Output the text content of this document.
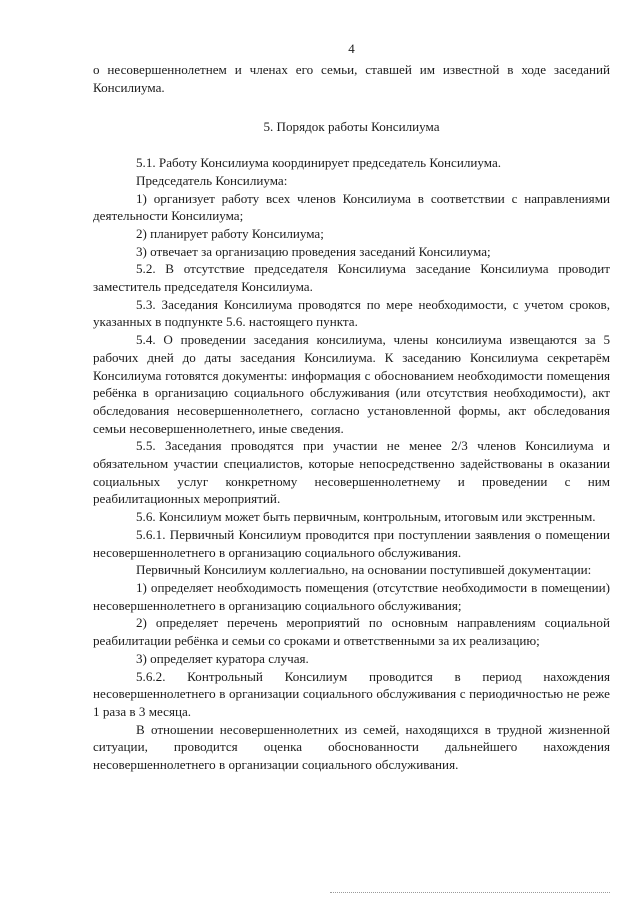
4

о несовершеннолетнем и членах его семьи, ставшей им известной в ходе заседаний Консилиума.

5. Порядок работы Консилиума

5.1. Работу Консилиума координирует председатель Консилиума.

Председатель Консилиума:

1) организует работу всех членов Консилиума в соответствии с направлениями деятельности Консилиума;

2) планирует работу Консилиума;

3) отвечает за организацию проведения заседаний Консилиума;

5.2. В отсутствие председателя Консилиума заседание Консилиума проводит заместитель председателя Консилиума.

5.3. Заседания Консилиума проводятся по мере необходимости, с учетом сроков, указанных в подпункте 5.6. настоящего пункта.

5.4. О проведении заседания консилиума, члены консилиума извещаются за 5 рабочих дней до даты заседания Консилиума. К заседанию Консилиума секретарём Консилиума готовятся документы: информация с обоснованием необходимости помещения ребёнка в организацию социального обслуживания (или отсутствия необходимости), акт обследования несовершеннолетнего, согласно установленной формы, акт обследования семьи несовершеннолетнего, иные сведения.

5.5. Заседания проводятся при участии не менее 2/3 членов Консилиума и обязательном участии специалистов, которые непосредственно задействованы в оказании социальных услуг конкретному несовершеннолетнему и проведении с ним реабилитационных мероприятий.

5.6. Консилиум может быть первичным, контрольным, итоговым или экстренным.

5.6.1. Первичный Консилиум проводится при поступлении заявления о помещении несовершеннолетнего в организацию социального обслуживания.

Первичный Консилиум коллегиально, на основании поступившей документации:

1) определяет необходимость помещения (отсутствие необходимости в помещении) несовершеннолетнего в организацию социального обслуживания;

2) определяет перечень мероприятий по основным направлениям социальной реабилитации ребёнка и семьи со сроками и ответственными за их реализацию;

3) определяет куратора случая.

5.6.2. Контрольный Консилиум проводится в период нахождения несовершеннолетнего в организации социального обслуживания с периодичностью не реже 1 раза в 3 месяца.

В отношении несовершеннолетних из семей, находящихся в трудной жизненной ситуации, проводится оценка обоснованности дальнейшего нахождения несовершеннолетнего в организации социального обслуживания.
